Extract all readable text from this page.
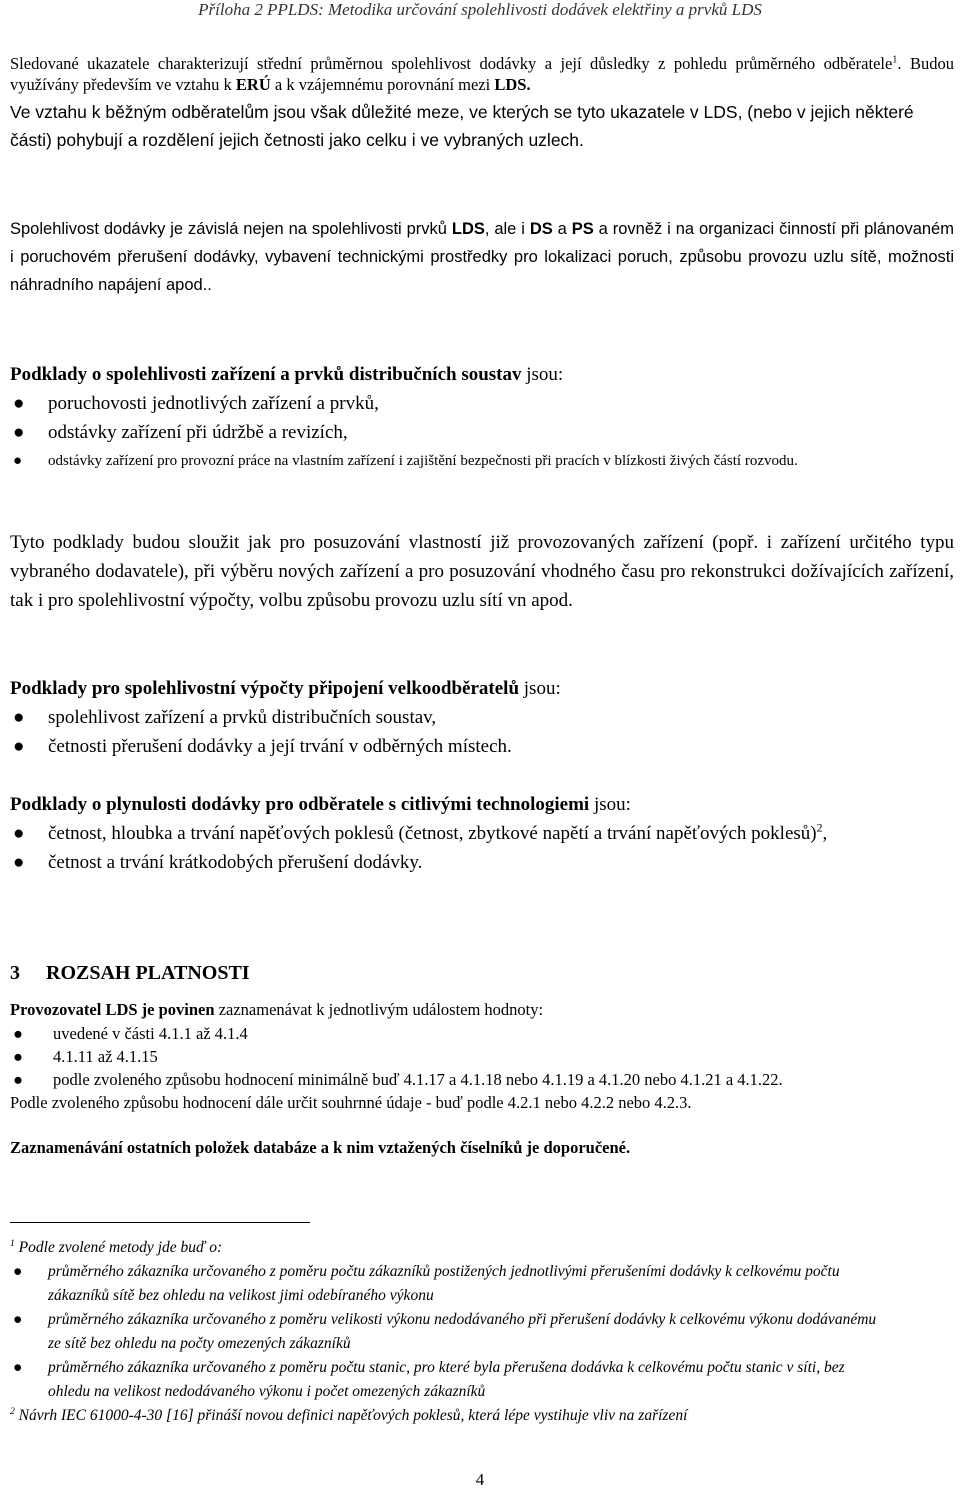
Příloha 2 PPLDS: Metodika určování spolehlivosti dodávek elektřiny a prvků LDS
Sledované ukazatele charakterizují střední průměrnou spolehlivost dodávky a její důsledky z pohledu průměrného odběratele$^1$. Budou využívány především ve vztahu k ERÚ a k vzájemnému porovnání mezi LDS.
Ve vztahu k běžným odběratelům jsou však důležité meze, ve kterých se tyto ukazatele v LDS, (nebo v jejich některé části) pohybují a rozdělení jejich četnosti jako celku i ve vybraných uzlech.
Spolehlivost dodávky je závislá nejen na spolehlivosti prvků LDS, ale i DS a PS a rovněž i na organizaci činností při plánovaném i poruchovém přerušení dodávky, vybavení technickými prostředky pro lokalizaci poruch, způsobu provozu uzlu sítě, možnosti náhradního napájení apod..
Podklady o spolehlivosti zařízení a prvků distribučních soustav jsou:
● poruchovosti jednotlivých zařízení a prvků,
● odstávky zařízení při údržbě a revizích,
● odstávky zařízení pro provozní práce na vlastním zařízení i zajištění bezpečnosti při pracích v blízkosti živých částí rozvodu.
Tyto podklady budou sloužit jak pro posuzování vlastností již provozovaných zařízení (popř. i zařízení určitého typu vybraného dodavatele), při výběru nových zařízení a pro posuzování vhodného času pro rekonstrukci dožívajících zařízení, tak i pro spolehlivostní výpočty, volbu způsobu provozu uzlu sítí vn apod.
Podklady pro spolehlivostní výpočty připojení velkoodběratelů jsou:
● spolehlivost zařízení a prvků distribučních soustav,
● četnosti přerušení dodávky a její trvání v odběrných místech.
Podklady o plynulosti dodávky pro odběratele s citlivými technologiemi jsou:
● četnost, hloubka a trvání napěťových poklesů (četnost, zbytkové napětí a trvání napěťových poklesů)$^2$,
● četnost a trvání krátkodobých přerušení dodávky.
3 ROZSAH PLATNOSTI
Provozovatel LDS je povinen zaznamenávat k jednotlivým událostem hodnoty:
● uvedené v části 4.1.1 až 4.1.4
● 4.1.11 až 4.1.15
● podle zvoleného způsobu hodnocení minimálně buď 4.1.17 a 4.1.18 nebo 4.1.19 a 4.1.20 nebo 4.1.21 a 4.1.22.
Podle zvoleného způsobu hodnocení dále určit souhrnné údaje - buď podle 4.2.1 nebo 4.2.2 nebo 4.2.3.
Zaznamenávání ostatních položek databáze a k nim vztažených číselníků je doporučené.
$^1$ Podle zvolené metody jde buď o:
● průměrného zákazníka určovaného z poměru počtu zákazníků postižených jednotlivými přerušeními dodávky k celkovému počtu zákazníků sítě bez ohledu na velikost jimi odebíraného výkonu
● průměrného zákazníka určovaného z poměru velikosti výkonu nedodávaného při přerušení dodávky k celkovému výkonu dodávanému ze sítě bez ohledu na počty omezených zákazníků
● průměrného zákazníka určovaného z poměru počtu stanic, pro které byla přerušena dodávka k celkovému počtu stanic v síti, bez ohledu na velikost nedodávaného výkonu i počet omezených zákazníků
$^2$ Návrh IEC 61000-4-30 [16] přináší novou definici napěťových poklesů, která lépe vystihuje vliv na zařízení
4
